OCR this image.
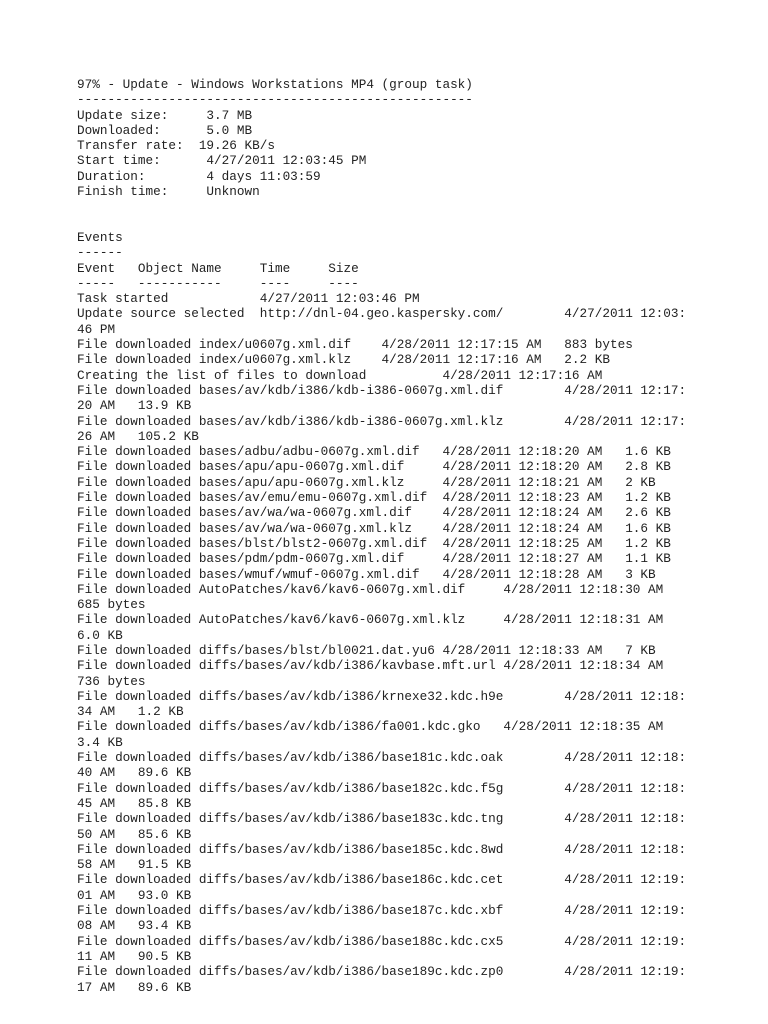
97% - Update - Windows Workstations MP4 (group task)
----------------------------------------------------
Update size:     3.7 MB
Downloaded:      5.0 MB
Transfer rate:  19.26 KB/s
Start time:      4/27/2011 12:03:45 PM
Duration:        4 days 11:03:59
Finish time:     Unknown
Events
------
Event   Object Name     Time     Size
-----   -----------     ----     ----
Task started            4/27/2011 12:03:46 PM
Update source selected  http://dnl-04.geo.kaspersky.com/        4/27/2011 12:03:
46 PM
File downloaded index/u0607g.xml.dif    4/28/2011 12:17:15 AM   883 bytes
File downloaded index/u0607g.xml.klz    4/28/2011 12:17:16 AM   2.2 KB
Creating the list of files to download          4/28/2011 12:17:16 AM
File downloaded bases/av/kdb/i386/kdb-i386-0607g.xml.dif        4/28/2011 12:17:
20 AM   13.9 KB
File downloaded bases/av/kdb/i386/kdb-i386-0607g.xml.klz        4/28/2011 12:17:
26 AM   105.2 KB
File downloaded bases/adbu/adbu-0607g.xml.dif   4/28/2011 12:18:20 AM   1.6 KB
File downloaded bases/apu/apu-0607g.xml.dif     4/28/2011 12:18:20 AM   2.8 KB
File downloaded bases/apu/apu-0607g.xml.klz     4/28/2011 12:18:21 AM   2 KB
File downloaded bases/av/emu/emu-0607g.xml.dif  4/28/2011 12:18:23 AM   1.2 KB
File downloaded bases/av/wa/wa-0607g.xml.dif    4/28/2011 12:18:24 AM   2.6 KB
File downloaded bases/av/wa/wa-0607g.xml.klz    4/28/2011 12:18:24 AM   1.6 KB
File downloaded bases/blst/blst2-0607g.xml.dif  4/28/2011 12:18:25 AM   1.2 KB
File downloaded bases/pdm/pdm-0607g.xml.dif     4/28/2011 12:18:27 AM   1.1 KB
File downloaded bases/wmuf/wmuf-0607g.xml.dif   4/28/2011 12:18:28 AM   3 KB
File downloaded AutoPatches/kav6/kav6-0607g.xml.dif     4/28/2011 12:18:30 AM
685 bytes
File downloaded AutoPatches/kav6/kav6-0607g.xml.klz     4/28/2011 12:18:31 AM
6.0 KB
File downloaded diffs/bases/blst/bl0021.dat.yu6 4/28/2011 12:18:33 AM   7 KB
File downloaded diffs/bases/av/kdb/i386/kavbase.mft.url 4/28/2011 12:18:34 AM
736 bytes
File downloaded diffs/bases/av/kdb/i386/krnexe32.kdc.h9e        4/28/2011 12:18:
34 AM   1.2 KB
File downloaded diffs/bases/av/kdb/i386/fa001.kdc.gko   4/28/2011 12:18:35 AM
3.4 KB
File downloaded diffs/bases/av/kdb/i386/base181c.kdc.oak        4/28/2011 12:18:
40 AM   89.6 KB
File downloaded diffs/bases/av/kdb/i386/base182c.kdc.f5g        4/28/2011 12:18:
45 AM   85.8 KB
File downloaded diffs/bases/av/kdb/i386/base183c.kdc.tng        4/28/2011 12:18:
50 AM   85.6 KB
File downloaded diffs/bases/av/kdb/i386/base185c.kdc.8wd        4/28/2011 12:18:
58 AM   91.5 KB
File downloaded diffs/bases/av/kdb/i386/base186c.kdc.cet        4/28/2011 12:19:
01 AM   93.0 KB
File downloaded diffs/bases/av/kdb/i386/base187c.kdc.xbf        4/28/2011 12:19:
08 AM   93.4 KB
File downloaded diffs/bases/av/kdb/i386/base188c.kdc.cx5        4/28/2011 12:19:
11 AM   90.5 KB
File downloaded diffs/bases/av/kdb/i386/base189c.kdc.zp0        4/28/2011 12:19:
17 AM   89.6 KB
